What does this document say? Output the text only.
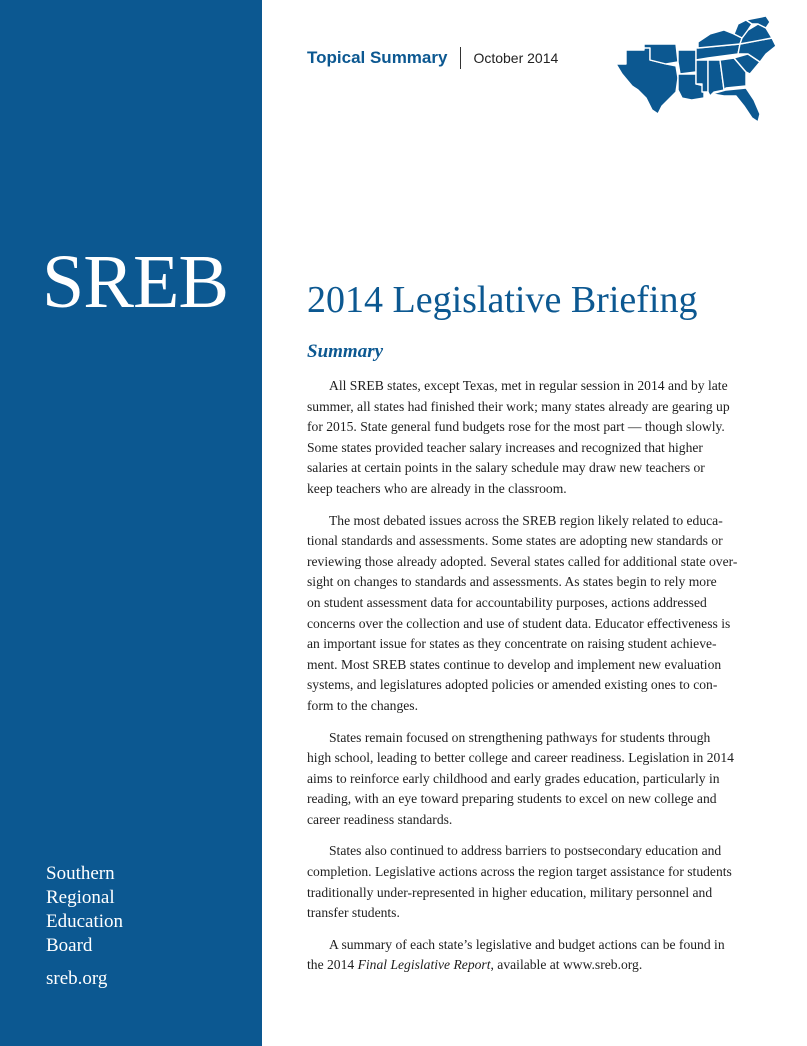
SREB
Southern
Regional
Education
Board
sreb.org
Topical Summary October 2014
2014 Legislative Briefing
Summary

All SREB states, except Texas, met in regular session in 2014 and by late
summer, all states had finished their work; many states already are gearing up
for 2015. State general fund budgets rose for the most part — though slowly.
Some states provided teacher salary increases and recognized that higher
salaries at certain points in the salary schedule may draw new teachers or
keep teachers who are already in the classroom.

The most debated issues across the SREB region likely related to educa-
tional standards and assessments. Some states are adopting new standards or
reviewing those already adopted. Several states called for additional state over-
sight on changes to standards and assessments. As states begin to rely more
on student assessment data for accountability purposes, actions addressed
concerns over the collection and use of student data. Educator effectiveness is
an important issue for states as they concentrate on raising student achieve-
ment. Most SREB states continue to develop and implement new evaluation
systems, and legislatures adopted policies or amended existing ones to con-
form to the changes.

States remain focused on strengthening pathways for students through
high school, leading to better college and career readiness. Legislation in 2014
aims to reinforce early childhood and early grades education, particularly in
reading, with an eye toward preparing students to excel on new college and
career readiness standards.

States also continued to address barriers to postsecondary education and
completion. Legislative actions across the region target assistance for students
traditionally under-represented in higher education, military personnel and
transfer students.

A summary of each state’s legislative and budget actions can be found in
the 2014 Final Legislative Report, available at www.sreb.org.
